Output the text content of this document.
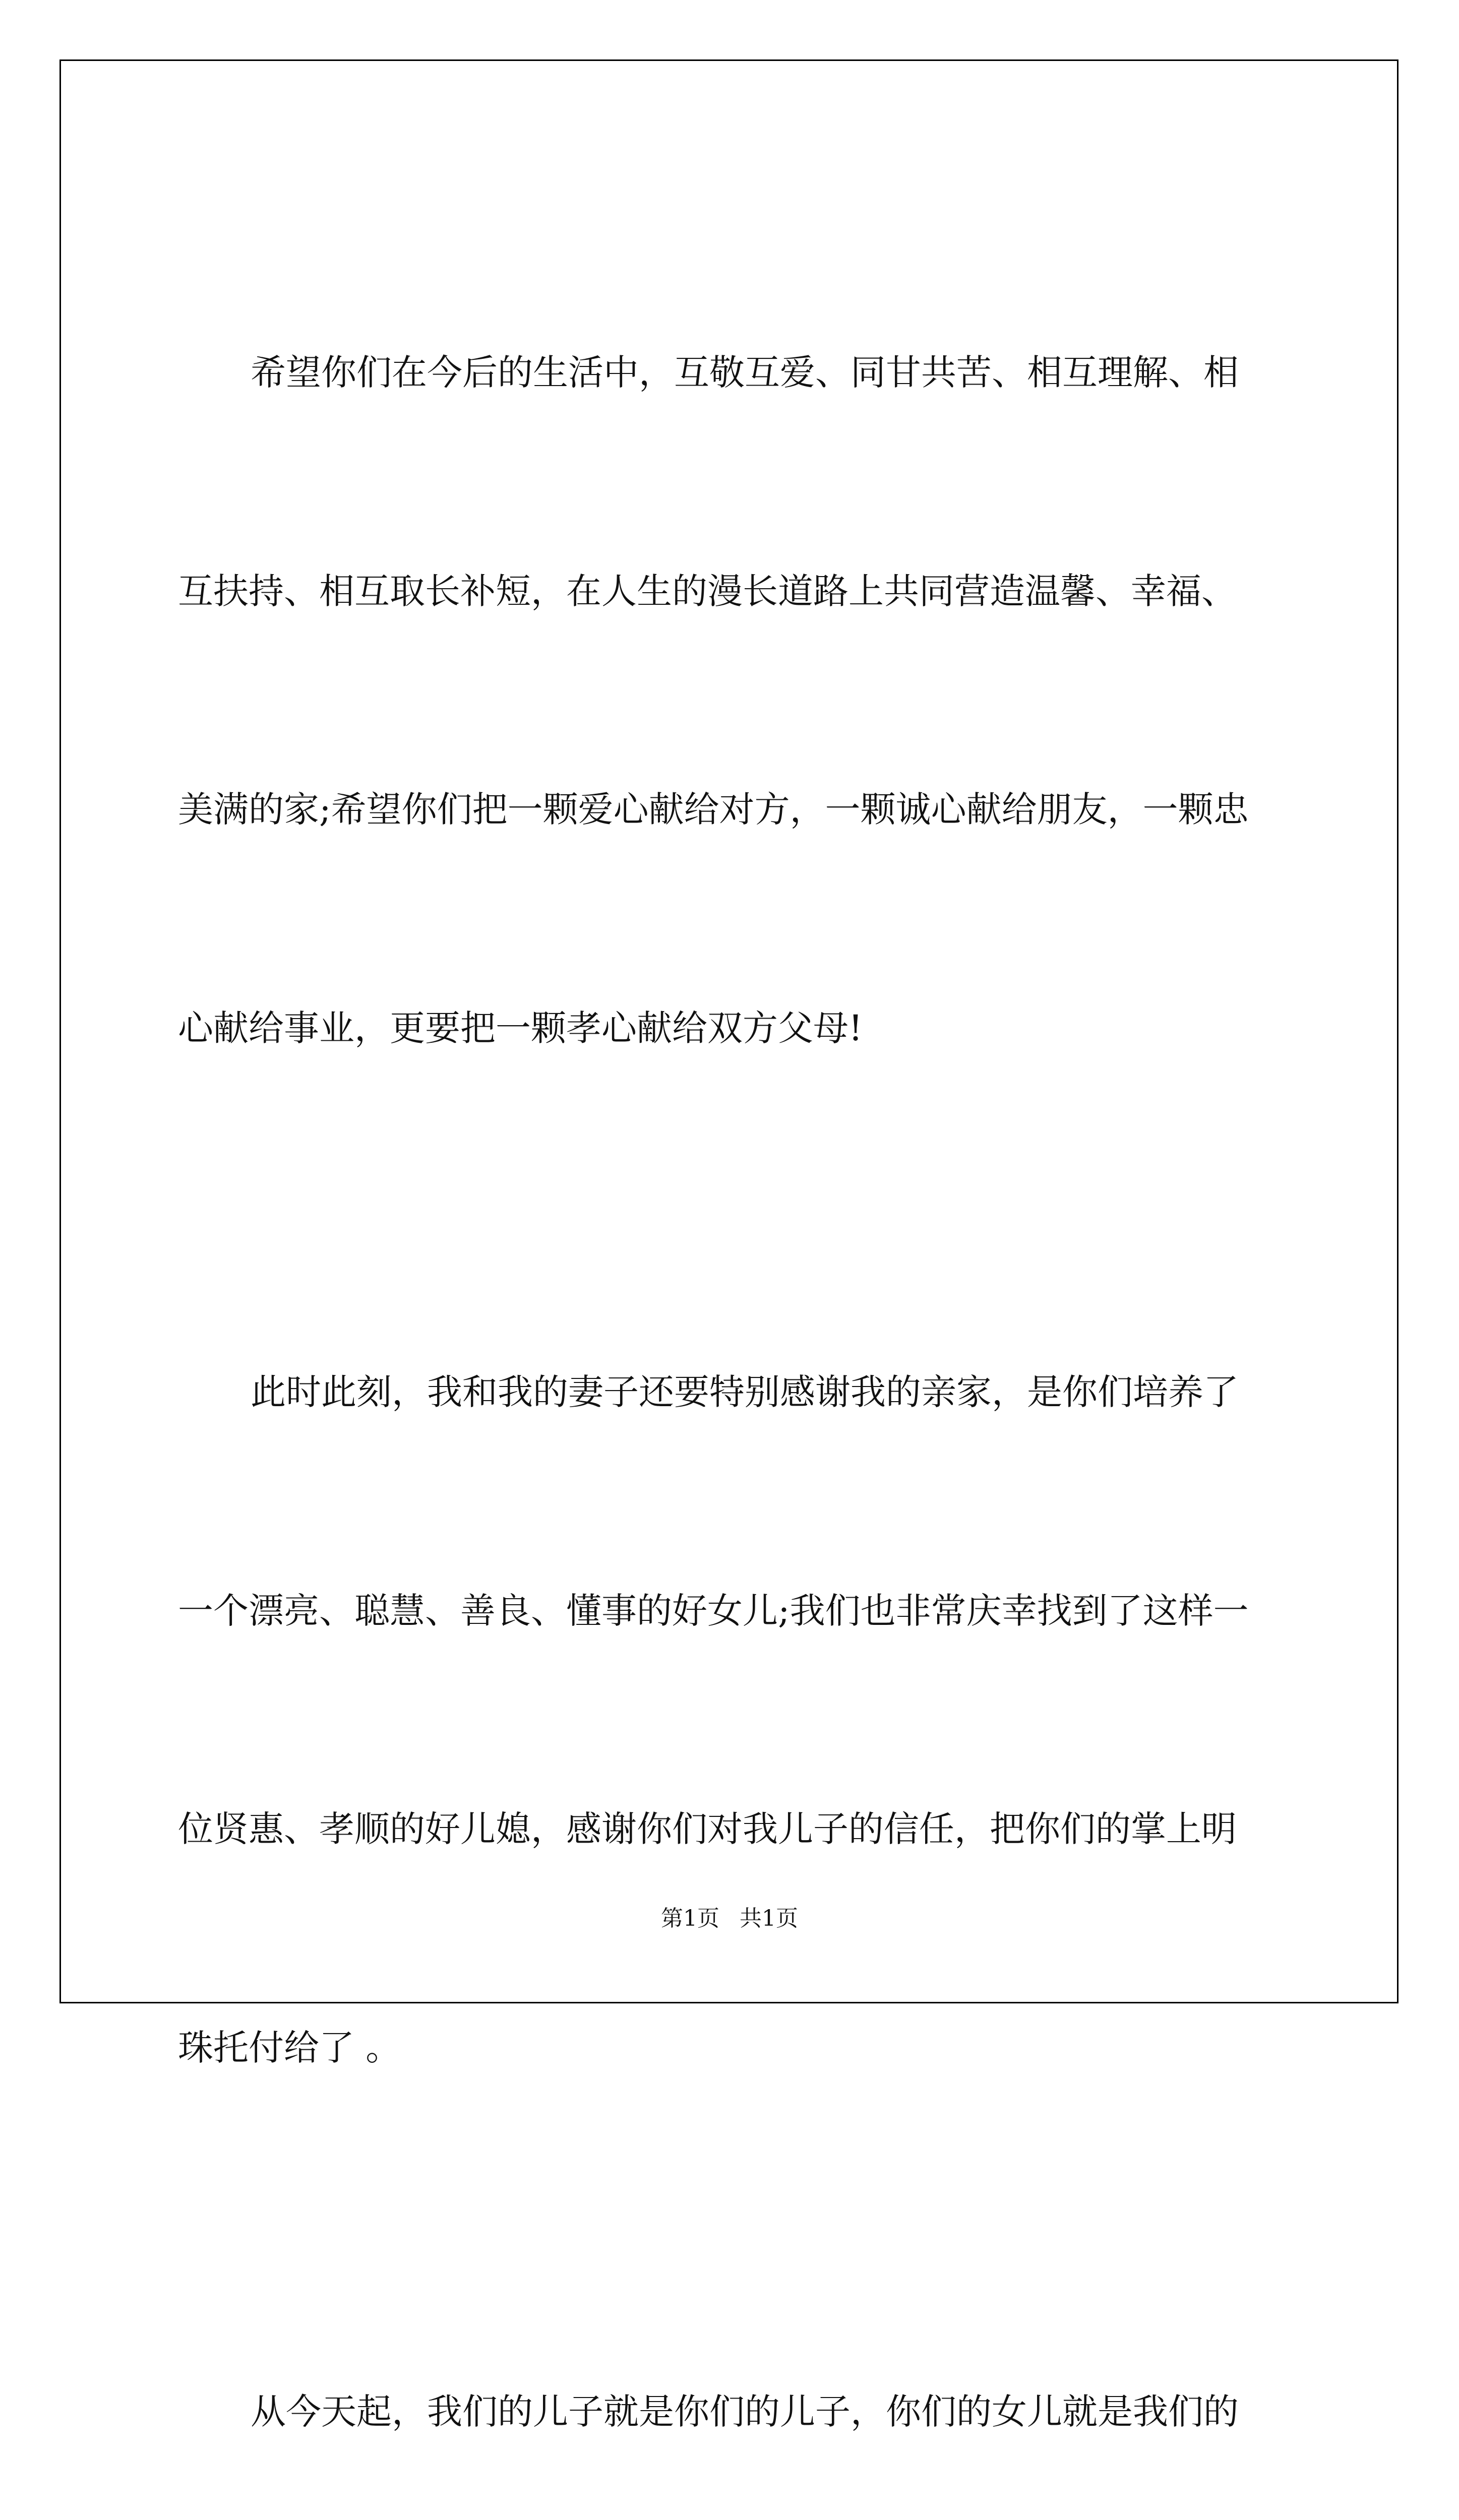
希望你们在今后的生活中，互敬互爱、同甘共苦、相互理解、相

互扶持、相互取长补短，在人生的漫长道路上共同营造温馨、幸福、

美满的家;希望你们把一颗爱心献给对方，一颗诚心献给朋友，一颗忠

心献给事业，更要把一颗孝心献给双方父母!

此时此刻，我和我的妻子还要特别感谢我的亲家，是你们培养了

一个漂亮、聪慧、善良、懂事的好女儿;我们也非常庆幸找到了这样一

位贤惠、孝顺的好儿媳，感谢你们对我儿子的信任，把你们的掌上明

珠托付给了 。

从今天起，我们的儿子就是你们的儿子，你们的女儿就是我们的

第1页 共1页
